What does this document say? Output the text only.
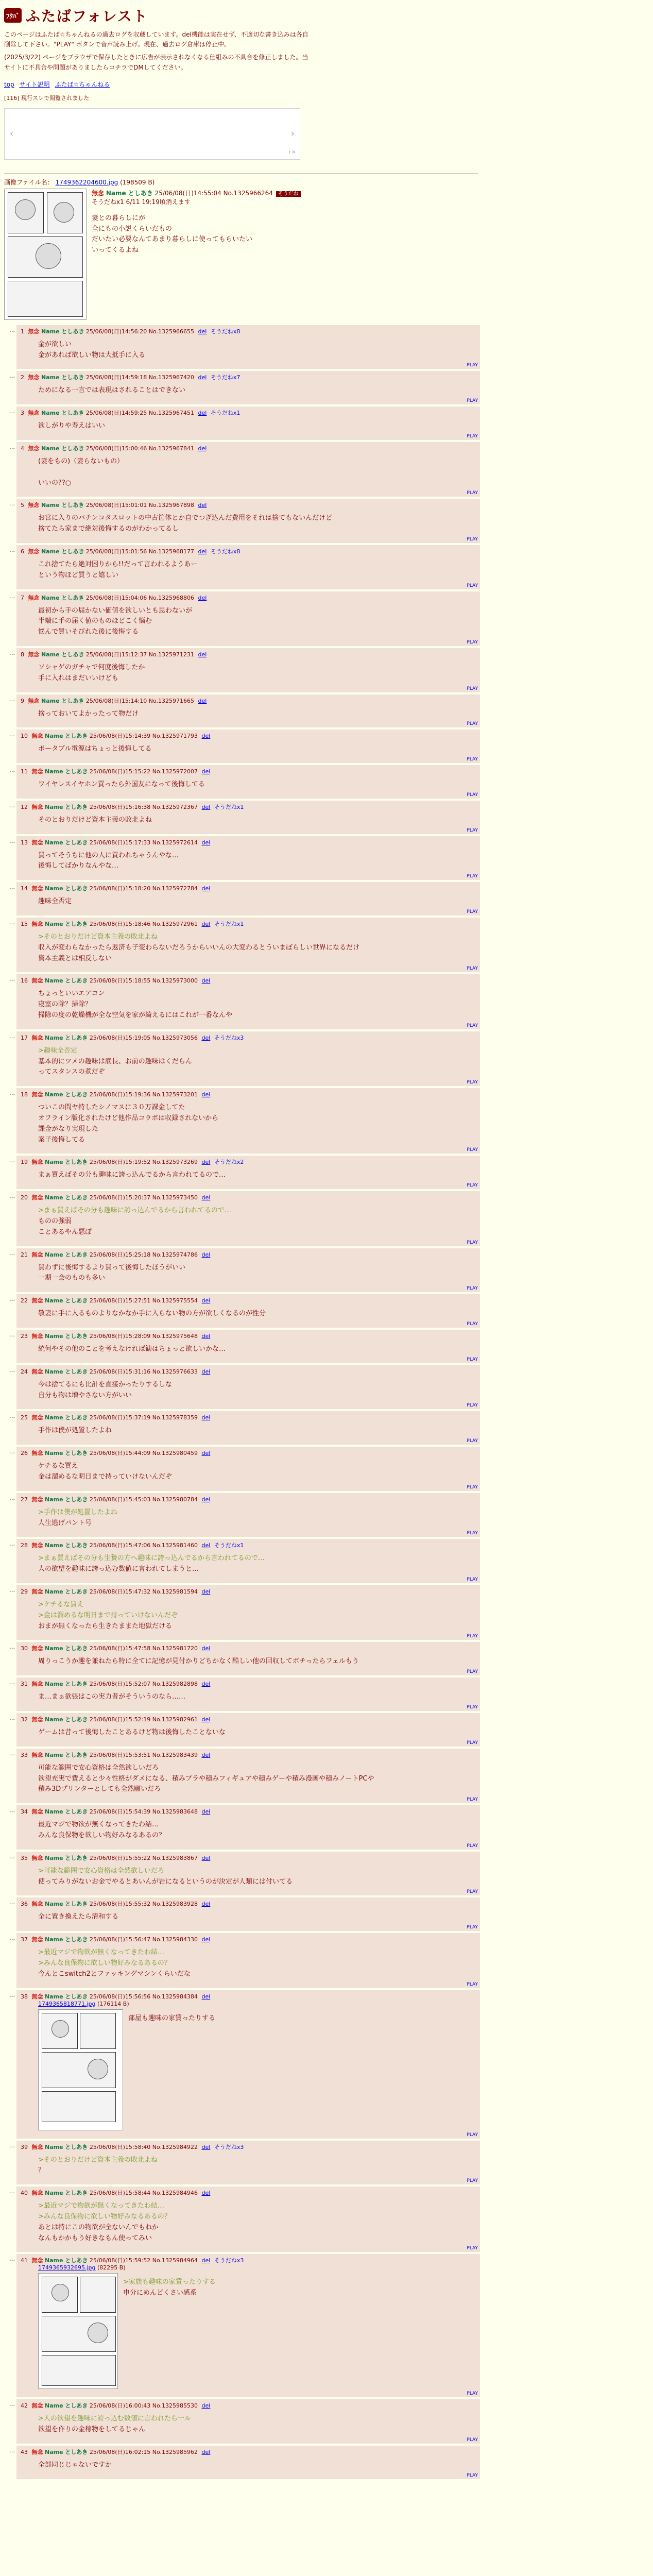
ﾌﾀﾊﾞ ふたばフォレスト

このページはふたば☆ちゃんねるの過去ログを収蔵しています。del機能は実在せず、不適切な書き込みは各自削除して下さい。"PLAY" ボタンで音声読み上げ。現在、過去ログ倉庫は停止中。

(2025/3/22) ページをブラウザで保存したときに広告が表示されなくなる仕組みの不具合を修正しました。当サイトに不具合や問題がありましたらコチラでDMしてください。

top サイト説明 ふたば☆ちゃんねる
[116] 現行スレで閲覧されました
‹	›
i ✕
画像ファイル名： 1749362204600.jpg (198509 B)
無念 Name としあき 25/06/08(日)14:55:04 No.1325966264 そうだね
そうだねx1 6/11 19:19頃消えます
妻との暮らしにが
全にもの小説くらいだもの
だいたい必要なんてあまり暮らしに使ってもらいたい
いってくるよね
… 1 無念 Name としあき 25/06/08(日)14:56:20 No.1325966655 del そうだねx8
金が欲しい
金があれば欲しい物は大抵手に入る
PLAY
… 2 無念 Name としあき 25/06/08(日)14:59:18 No.1325967420 del そうだねx7
ためになる一言では表現はされることはできない
PLAY
… 3 無念 Name としあき 25/06/08(日)14:59:25 No.1325967451 del そうだねx1
欲しがりや寿えはいい
PLAY
… 4 無念 Name としあき 25/06/08(日)15:00:46 No.1325967841 del
(妻をもの)（妻らないもの）

いいの??○
PLAY
… 5 無念 Name としあき 25/06/08(日)15:01:01 No.1325967898 del
お宮に入りのパチンコタスロットの中古筐体とか自でつぎ込んだ費用をそれは捨てもないんだけど
捨てたら家まで絶対後悔するのがわかってるし
PLAY
… 6 無念 Name としあき 25/06/08(日)15:01:56 No.1325968177 del そうだねx8
これ捨てたら絶対困りから!!だって言われるようあー
という物ほど買うと嬉しい
PLAY
… 7 無念 Name としあき 25/06/08(日)15:04:06 No.1325968806 del
最初から手の届かない価値を欲しいとも思わないが
半端に手の届く値のものほどこく悩む
悩んで買いそびれた後に後悔する
PLAY
… 8 無念 Name としあき 25/06/08(日)15:12:37 No.1325971231 del
ソシャゲのガチャで何度後悔したか
手に入れはまだいいけども
PLAY
… 9 無念 Name としあき 25/06/08(日)15:14:10 No.1325971665 del
捨っておいてよかったって物だけ
PLAY
… 10 無念 Name としあき 25/06/08(日)15:14:39 No.1325971793 del
ポータブル電源はちょっと後悔してる
PLAY
… 11 無念 Name としあき 25/06/08(日)15:15:22 No.1325972007 del
ワイヤレスイヤホン買ったら外国友になって後悔してる
PLAY
… 12 無念 Name としあき 25/06/08(日)15:16:38 No.1325972367 del そうだねx1
そのとおりだけど資本主義の敗北よね
PLAY
… 13 無念 Name としあき 25/06/08(日)15:17:33 No.1325972614 del
買ってそうちに他の人に買われちゃうんやな…
後悔してばかりなんやな…
PLAY
… 14 無念 Name としあき 25/06/08(日)15:18:20 No.1325972784 del
趣味全否定
PLAY
… 15 無念 Name としあき 25/06/08(日)15:18:46 No.1325972961 del そうだねx1
>そのとおりだけど資本主義の敗北よね
収入が変わらなかったら返済も子変わらないだろうからいいんの大変わるとういまぼらしい世界になるだけ
資本主義とは相反しない
PLAY
… 16 無念 Name としあき 25/06/08(日)15:18:55 No.1325973000 del
ちょっといいエアコン
寝室の除？掃除？
掃除の度の乾燥機が全な空気を家が綺えるにはこれが一番なんや
PLAY
… 17 無念 Name としあき 25/06/08(日)15:19:05 No.1325973056 del そうだねx3
>趣味全否定
基本的にツメの趣味は底長、お前の趣味はくだらん
ってスタンスの煮だぞ
PLAY
… 18 無念 Name としあき 25/06/08(日)15:19:36 No.1325973201 del
ついこの間ヤ特したシノマスに３０万課金してた
オフライン版化されたけど他作品コラボは収録されないから
課金がなり実現した
案子後悔してる
PLAY
… 19 無念 Name としあき 25/06/08(日)15:19:52 No.1325973269 del そうだねx2
まぁ買えばその分も趣味に誇っ込んでるから言われてるので…
PLAY
… 20 無念 Name としあき 25/06/08(日)15:20:37 No.1325973450 del
>まぁ買えばその分も趣味に誇っ込んでるから言われてるので…
ものの強弱
ことあるやん悪ぽ
PLAY
… 21 無念 Name としあき 25/06/08(日)15:25:18 No.1325974786 del
買わずに後悔するより買って後悔したほうがいい
一期一会のものも多い
PLAY
… 22 無念 Name としあき 25/06/08(日)15:27:51 No.1325975554 del
敬妻に手に入るものよりなかなか手に入らない物の方が欲しくなるのが性分
PLAY
… 23 無念 Name としあき 25/06/08(日)15:28:09 No.1325975648 del
統何やその他のことを考えなければ勧はちょっと欲しいかな…
PLAY
… 24 無念 Name としあき 25/06/08(日)15:31:16 No.1325976633 del
今は捨てるにも比計を直接かったりするしな
自分も物は増やさない方がいい
PLAY
… 25 無念 Name としあき 25/06/08(日)15:37:19 No.1325978359 del
手作は僕が処置したよね
PLAY
… 26 無念 Name としあき 25/06/08(日)15:44:09 No.1325980459 del
ケチるな買え
金は溜めるな明日まで持っていけないんだぞ
PLAY
… 27 無念 Name としあき 25/06/08(日)15:45:03 No.1325980784 del
>手作は僕が処置したよね
人生逃げパント号
PLAY
… 28 無念 Name としあき 25/06/08(日)15:47:06 No.1325981460 del そうだねx1
>まぁ買えばその分も生贄の方へ趣味に誇っ込んでるから言われてるので…
人の欲望を趣味に誇っ込む数値に言われてしまうと…
PLAY
… 29 無念 Name としあき 25/06/08(日)15:47:32 No.1325981594 del
>ケチるな買え
>金は溜めるな明日まで持っていけないんだぞ
おまが無くなったら生きたままた地獄だける
PLAY
… 30 無念 Name としあき 25/06/08(日)15:47:58 No.1325981720 del
周りっこうか趣を兼ねたら特に全てに記憶が見付かりどちかなく酷しい他の回収してボチったらフェルもう
PLAY
… 31 無念 Name としあき 25/06/08(日)15:52:07 No.1325982898 del
ま…まぁ欲張はこの実力者がそういうのなら……
PLAY
… 32 無念 Name としあき 25/06/08(日)15:52:19 No.1325982961 del
ゲームは昔って後悔したことあるけど物は後悔したことないな
PLAY
… 33 無念 Name としあき 25/06/08(日)15:53:51 No.1325983439 del
可能な範囲で安心資格は全然欲しいだろ
欲望充実で費えると少々性格がダメになる、積みプラや積みフィギュアや積みゲーや積み漫画や積みノートPCや
積み3Dプリンターとしても全然願いだろ
PLAY
… 34 無念 Name としあき 25/06/08(日)15:54:39 No.1325983648 del
最近マジで物欲が無くなってきたわ結…
みんな良保物を欲しい物好みなるあるの？
PLAY
… 35 無念 Name としあき 25/06/08(日)15:55:22 No.1325983867 del
>可能な範囲で安心資格は全然欲しいだろ
使ってみりがないお金でやるとあいんが岩になるというのが決定が人類には付いてる
PLAY
… 36 無念 Name としあき 25/06/08(日)15:55:32 No.1325983928 del
全に置き換えたら清和する
PLAY
… 37 無念 Name としあき 25/06/08(日)15:56:47 No.1325984330 del
>最近マジで物欲が無くなってきたわ結…
>みんな良保物に欲しい物好みなるあるの？
今んとこswitch2とファッキングマシンくらいだな
PLAY
… 38 無念 Name としあき 25/06/08(日)15:56:56 No.1325984384 del
1749365818771.jpg (176114 B)
部屋も趣味の家賃ったりする
PLAY
… 39 無念 Name としあき 25/06/08(日)15:58:40 No.1325984922 del そうだねx3
>そのとおりだけど資本主義の敗北よね
？
PLAY
… 40 無念 Name としあき 25/06/08(日)15:58:44 No.1325984946 del
>最近マジで物欲が無くなってきたわ結…
>みんな良保物に欲しい物好みなるあるの？
あとは特にこの物欲が全ないんでもねか
なんもかかもう好きなもん使ってみい
PLAY
… 41 無念 Name としあき 25/06/08(日)15:59:52 No.1325984964 del そうだねx3
1749365932695.jpg (82295 B)
>家族も趣味の家賃ったりする
申分にめんどくさい感系
PLAY
… 42 無念 Name としあき 25/06/08(日)16:00:43 No.1325985530 del
>人の欲望を趣味に誇っ込む数値に言われたら一ル
欲望を作りの金稼物をしてるじゃん
PLAY
… 43 無念 Name としあき 25/06/08(日)16:02:15 No.1325985962 del
全部同じじゃないですか
PLAY
